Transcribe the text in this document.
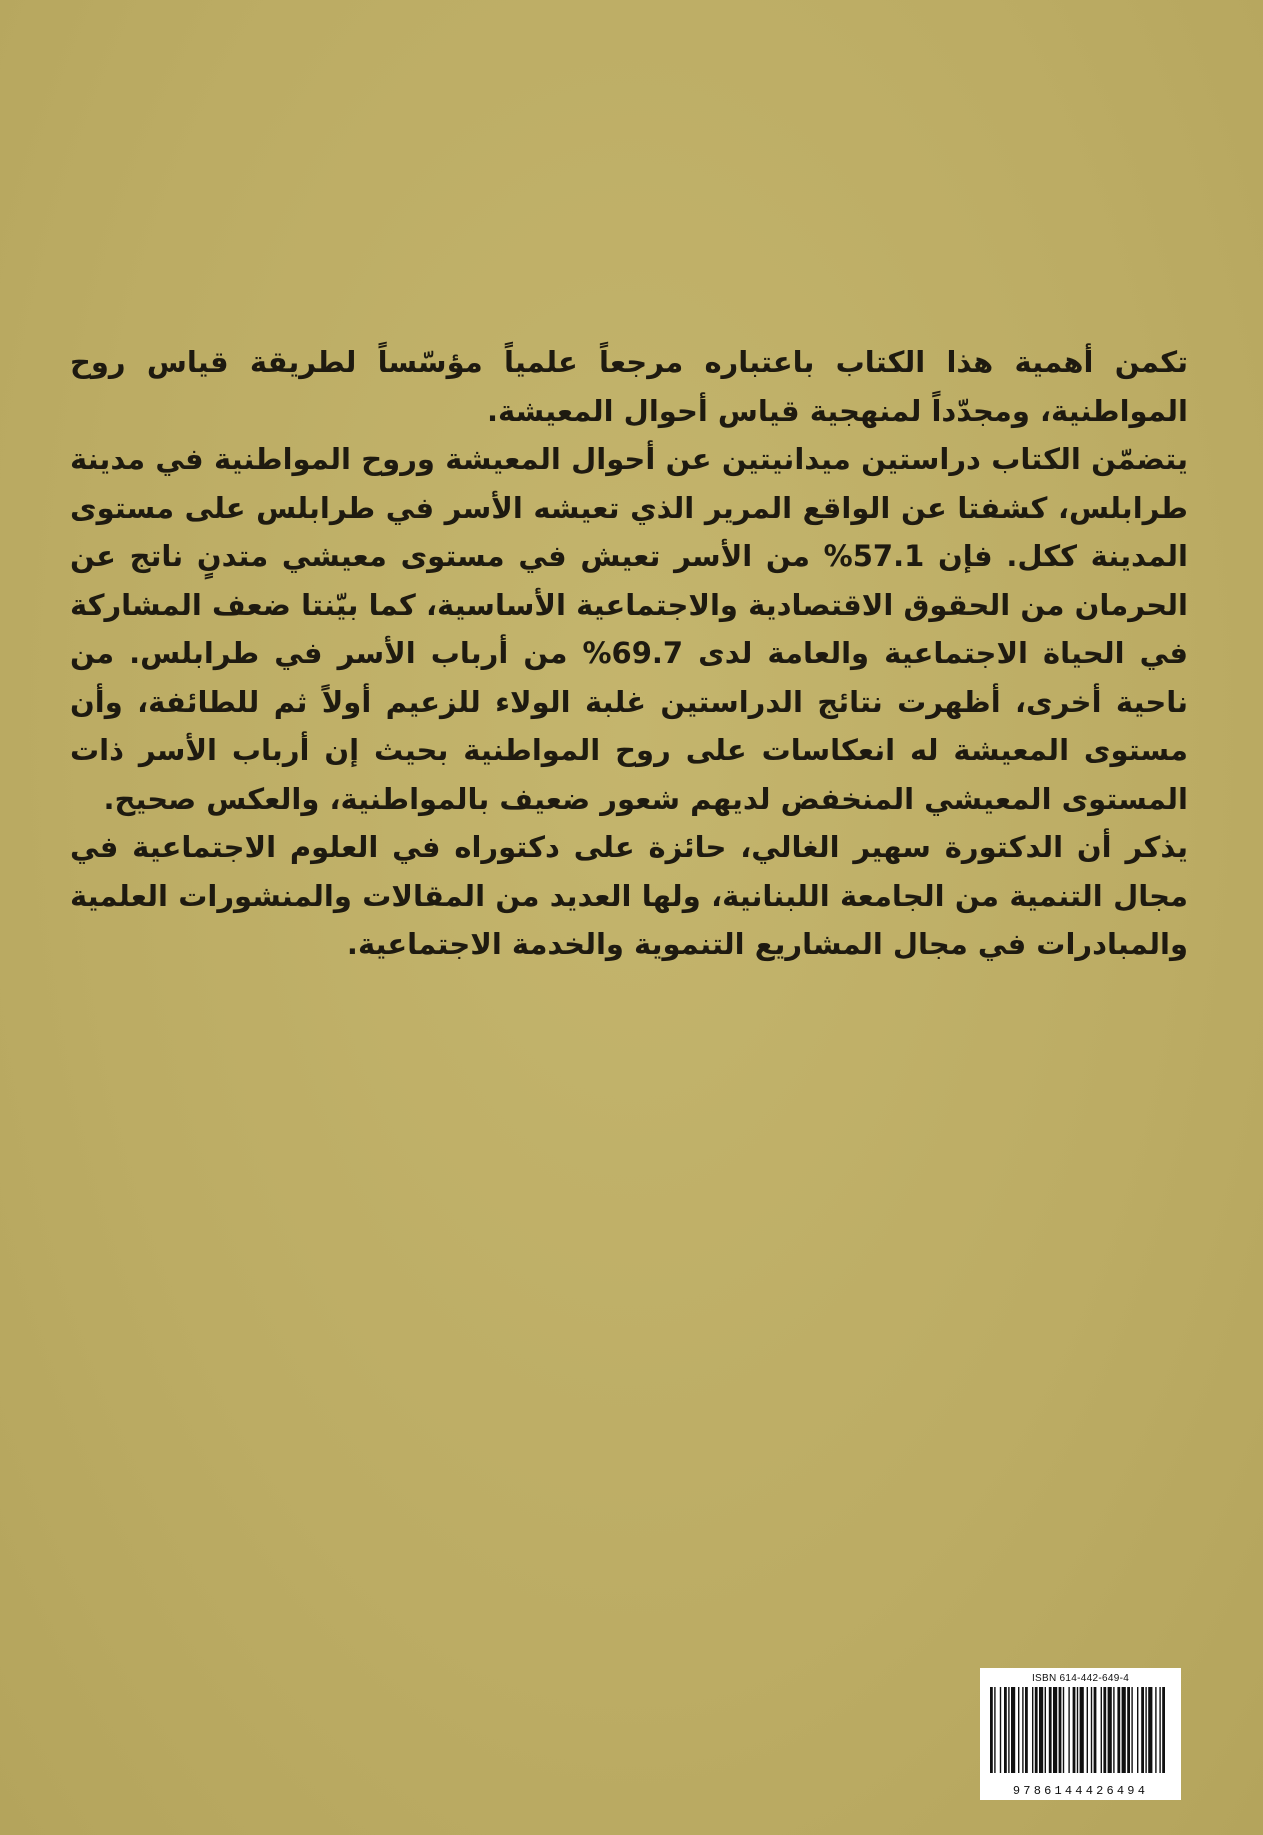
تكمن أهمية هذا الكتاب باعتباره مرجعاً علمياً مؤسّساً لطريقة قياس روح المواطنية، ومجدّداً لمنهجية قياس أحوال المعيشة.

يتضمّن الكتاب دراستين ميدانيتين عن أحوال المعيشة وروح المواطنية في مدينة طرابلس، كشفتا عن الواقع المرير الذي تعيشه الأسر في طرابلس على مستوى المدينة ككل. فإن 57.1% من الأسر تعيش في مستوى معيشي متدنٍ ناتج عن الحرمان من الحقوق الاقتصادية والاجتماعية الأساسية، كما بيّنتا ضعف المشاركة في الحياة الاجتماعية والعامة لدى 69.7% من أرباب الأسر في طرابلس. من ناحية أخرى، أظهرت نتائج الدراستين غلبة الولاء للزعيم أولاً ثم للطائفة، وأن مستوى المعيشة له انعكاسات على روح المواطنية بحيث إن أرباب الأسر ذات المستوى المعيشي المنخفض لديهم شعور ضعيف بالمواطنية، والعكس صحيح.

يذكر أن الدكتورة سهير الغالي، حائزة على دكتوراه في العلوم الاجتماعية في مجال التنمية من الجامعة اللبنانية، ولها العديد من المقالات والمنشورات العلمية والمبادرات في مجال المشاريع التنموية والخدمة الاجتماعية.

ISBN 614-442-649-4
9786144426494
